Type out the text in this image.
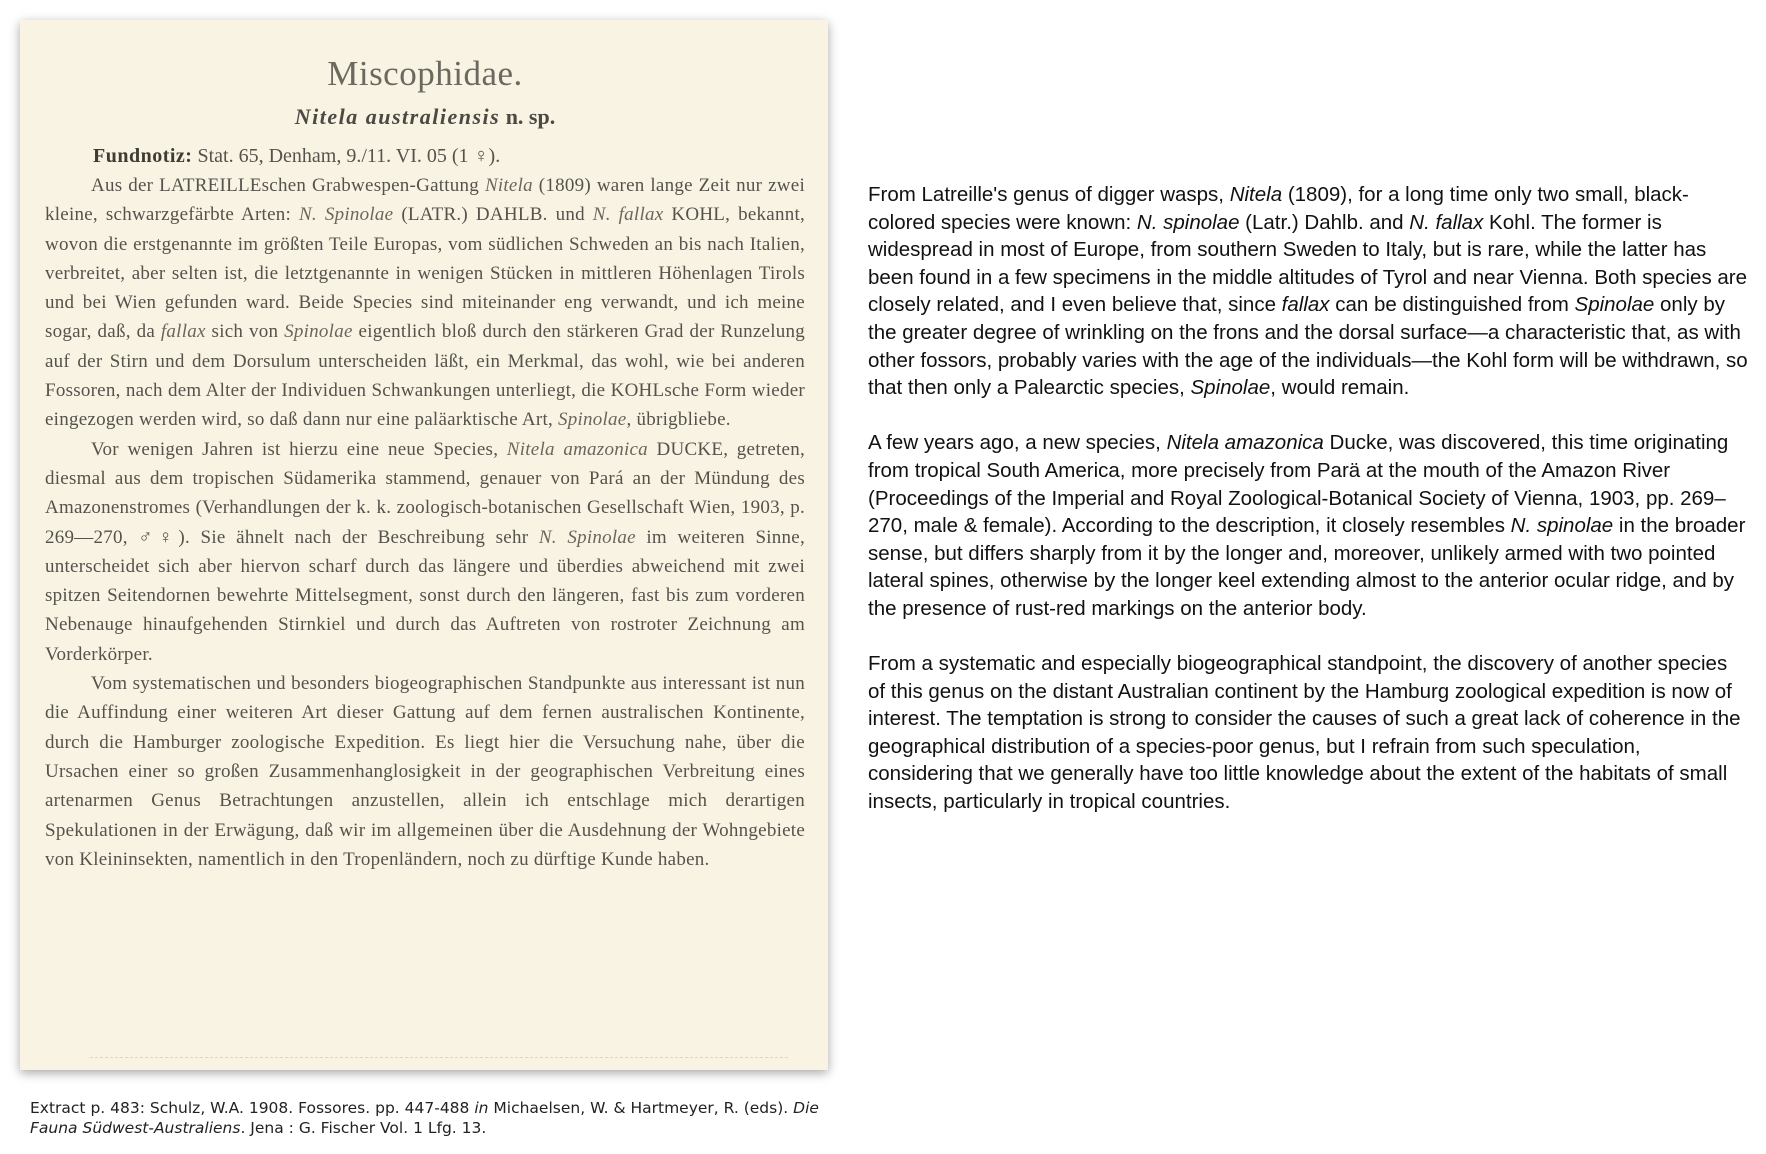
Miscophidae.
Nitela australiensis n. sp.

Fundnotiz: Stat. 65, Denham, 9./11. VI. 05 (1 ♀).

Aus der LATREILLEschen Grabwespen-Gattung Nitela (1809) waren lange Zeit nur zwei kleine, schwarzgefärbte Arten: N. Spinolae (LATR.) DAHLB. und N. fallax KOHL, bekannt, wovon die erstgenannte im größten Teile Europas, vom südlichen Schweden an bis nach Italien, verbreitet, aber selten ist, die letztgenannte in wenigen Stücken in mittleren Höhenlagen Tirols und bei Wien gefunden ward. Beide Species sind miteinander eng verwandt, und ich meine sogar, daß, da fallax sich von Spinolae eigentlich bloß durch den stärkeren Grad der Runzelung auf der Stirn und dem Dorsulum unterscheiden läßt, ein Merkmal, das wohl, wie bei anderen Fossoren, nach dem Alter der Individuen Schwankungen unterliegt, die KOHLsche Form wieder eingezogen werden wird, so daß dann nur eine paläarktische Art, Spinolae, übrigbliebe.

Vor wenigen Jahren ist hierzu eine neue Species, Nitela amazonica DUCKE, getreten, diesmal aus dem tropischen Südamerika stammend, genauer von Pará an der Mündung des Amazonenstromes (Verhandlungen der k. k. zoologisch-botanischen Gesellschaft Wien, 1903, p. 269—270, ♂♀). Sie ähnelt nach der Beschreibung sehr N. Spinolae im weiteren Sinne, unterscheidet sich aber hiervon scharf durch das längere und überdies abweichend mit zwei spitzen Seitendornen bewehrte Mittelsegment, sonst durch den längeren, fast bis zum vorderen Nebenauge hinaufgehenden Stirnkiel und durch das Auftreten von rostroter Zeichnung am Vorderkörper.

Vom systematischen und besonders biogeographischen Standpunkte aus interessant ist nun die Auffindung einer weiteren Art dieser Gattung auf dem fernen australischen Kontinente, durch die Hamburger zoologische Expedition. Es liegt hier die Versuchung nahe, über die Ursachen einer so großen Zusammenhanglosigkeit in der geographischen Verbreitung eines artenarmen Genus Betrachtungen anzustellen, allein ich entschlage mich derartigen Spekulationen in der Erwägung, daß wir im allgemeinen über die Ausdehnung der Wohngebiete von Kleininsekten, namentlich in den Tropenländern, noch zu dürftige Kunde haben.

Extract p. 483: Schulz, W.A. 1908. Fossores. pp. 447-488 in Michaelsen, W. & Hartmeyer, R. (eds). Die Fauna Südwest-Australiens. Jena : G. Fischer Vol. 1 Lfg. 13.

From Latreille's genus of digger wasps, Nitela (1809), for a long time only two small, black-colored species were known: N. spinolae (Latr.) Dahlb. and N. fallax Kohl. The former is widespread in most of Europe, from southern Sweden to Italy, but is rare, while the latter has been found in a few specimens in the middle altitudes of Tyrol and near Vienna. Both species are closely related, and I even believe that, since fallax can be distinguished from Spinolae only by the greater degree of wrinkling on the frons and the dorsal surface—a characteristic that, as with other fossors, probably varies with the age of the individuals—the Kohl form will be withdrawn, so that then only a Palearctic species, Spinolae, would remain.

A few years ago, a new species, Nitela amazonica Ducke, was discovered, this time originating from tropical South America, more precisely from Parä at the mouth of the Amazon River (Proceedings of the Imperial and Royal Zoological-Botanical Society of Vienna, 1903, pp. 269–270, male & female). According to the description, it closely resembles N. spinolae in the broader sense, but differs sharply from it by the longer and, moreover, unlikely armed with two pointed lateral spines, otherwise by the longer keel extending almost to the anterior ocular ridge, and by the presence of rust-red markings on the anterior body.

From a systematic and especially biogeographical standpoint, the discovery of another species of this genus on the distant Australian continent by the Hamburg zoological expedition is now of interest. The temptation is strong to consider the causes of such a great lack of coherence in the geographical distribution of a species-poor genus, but I refrain from such speculation, considering that we generally have too little knowledge about the extent of the habitats of small insects, particularly in tropical countries.
